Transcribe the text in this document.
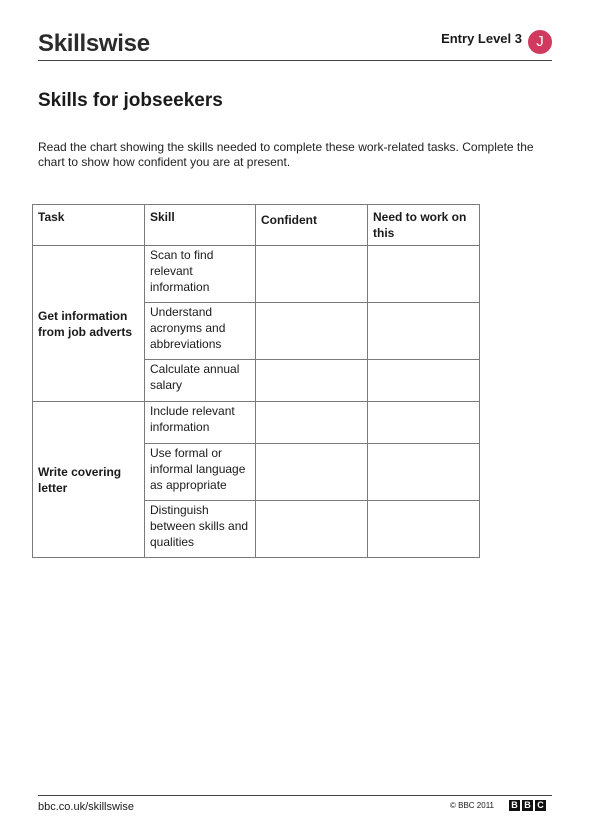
Skillswise	Entry Level 3 J
Skills for jobseekers

Read the chart showing the skills needed to complete these work-related tasks. Complete the chart to show how confident you are at present.

Task	Skill	Confident	Need to work on this
Get information from job adverts	Scan to find relevant information		
	Understand acronyms and abbreviations		
	Calculate annual salary		
Write covering letter	Include relevant information		
	Use formal or informal language as appropriate		
	Distinguish between skills and qualities		
bbc.co.uk/skillswise	© BBC 2011 B B C
